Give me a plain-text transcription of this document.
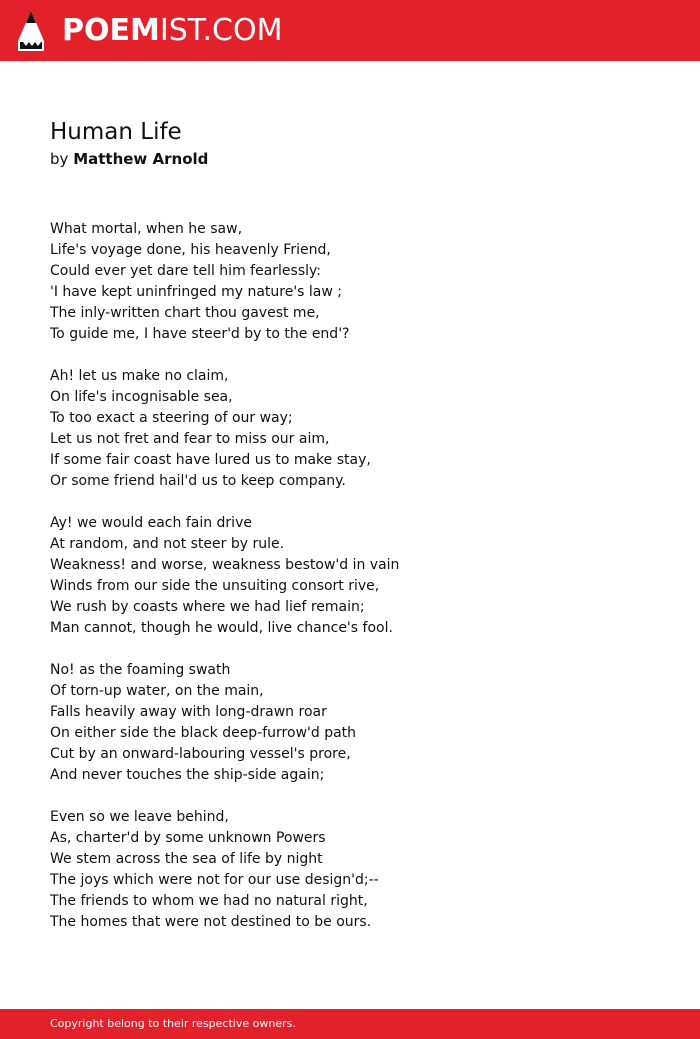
POEMIST.COM
Human Life

by Matthew Arnold

What mortal, when he saw,
Life's voyage done, his heavenly Friend,
Could ever yet dare tell him fearlessly:
'I have kept uninfringed my nature's law ;
The inly-written chart thou gavest me,
To guide me, I have steer'd by to the end'?
Ah! let us make no claim,
On life's incognisable sea,
To too exact a steering of our way;
Let us not fret and fear to miss our aim,
If some fair coast have lured us to make stay,
Or some friend hail'd us to keep company.
Ay! we would each fain drive
At random, and not steer by rule.
Weakness! and worse, weakness bestow'd in vain
Winds from our side the unsuiting consort rive,
We rush by coasts where we had lief remain;
Man cannot, though he would, live chance's fool.
No! as the foaming swath
Of torn-up water, on the main,
Falls heavily away with long-drawn roar
On either side the black deep-furrow'd path
Cut by an onward-labouring vessel's prore,
And never touches the ship-side again;
Even so we leave behind,
As, charter'd by some unknown Powers
We stem across the sea of life by night
The joys which were not for our use design'd;--
The friends to whom we had no natural right,
The homes that were not destined to be ours.
Copyright belong to their respective owners.
